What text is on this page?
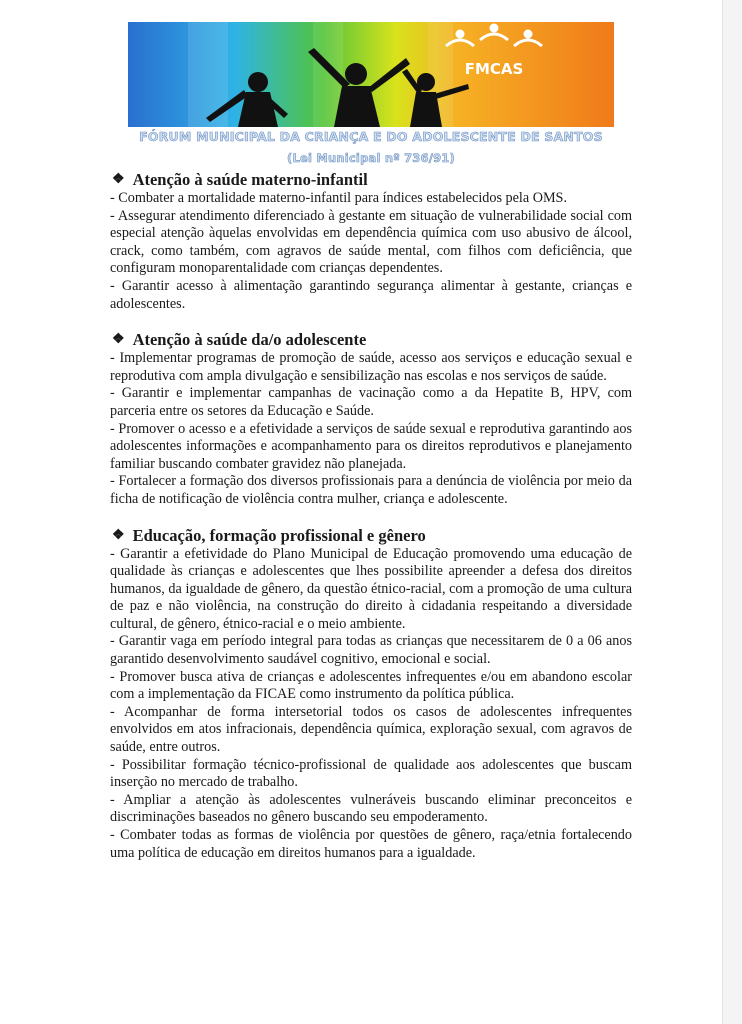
FMCAS
FÓRUM MUNICIPAL DA CRIANÇA E DO ADOLESCENTE DE SANTOS
(Lei Municipal nº 736/91)
❖ Atenção à saúde materno-infantil

- Combater a mortalidade materno-infantil para índices estabelecidos pela OMS.

- Assegurar atendimento diferenciado à gestante em situação de vulnerabilidade social com especial atenção àquelas envolvidas em dependência química com uso abusivo de álcool, crack, como também, com agravos de saúde mental, com filhos com deficiência, que configuram monoparentalidade com crianças dependentes.

- Garantir acesso à alimentação garantindo segurança alimentar à gestante, crianças e adolescentes.

❖ Atenção à saúde da/o adolescente

- Implementar programas de promoção de saúde, acesso aos serviços e educação sexual e reprodutiva com ampla divulgação e sensibilização nas escolas e nos serviços de saúde.

- Garantir e implementar campanhas de vacinação como a da Hepatite B, HPV, com parceria entre os setores da Educação e Saúde.

- Promover o acesso e a efetividade a serviços de saúde sexual e reprodutiva garantindo aos adolescentes informações e acompanhamento para os direitos reprodutivos e planejamento familiar buscando combater gravidez não planejada.

- Fortalecer a formação dos diversos profissionais para a denúncia de violência por meio da ficha de notificação de violência contra mulher, criança e adolescente.

❖ Educação, formação profissional e gênero

- Garantir a efetividade do Plano Municipal de Educação promovendo uma educação de qualidade às crianças e adolescentes que lhes possibilite apreender a defesa dos direitos humanos, da igualdade de gênero, da questão étnico-racial, com a promoção de uma cultura de paz e não violência, na construção do direito à cidadania respeitando a diversidade cultural, de gênero, étnico-racial e o meio ambiente.

- Garantir vaga em período integral para todas as crianças que necessitarem de 0 a 06 anos garantido desenvolvimento saudável cognitivo, emocional e social.

- Promover busca ativa de crianças e adolescentes infrequentes e/ou em abandono escolar com a implementação da FICAE como instrumento da política pública.

- Acompanhar de forma intersetorial todos os casos de adolescentes infrequentes envolvidos em atos infracionais, dependência química, exploração sexual, com agravos de saúde, entre outros.

- Possibilitar formação técnico-profissional de qualidade aos adolescentes que buscam inserção no mercado de trabalho.

- Ampliar a atenção às adolescentes vulneráveis buscando eliminar preconceitos e discriminações baseados no gênero buscando seu empoderamento.

- Combater todas as formas de violência por questões de gênero, raça/etnia fortalecendo uma política de educação em direitos humanos para a igualdade.
